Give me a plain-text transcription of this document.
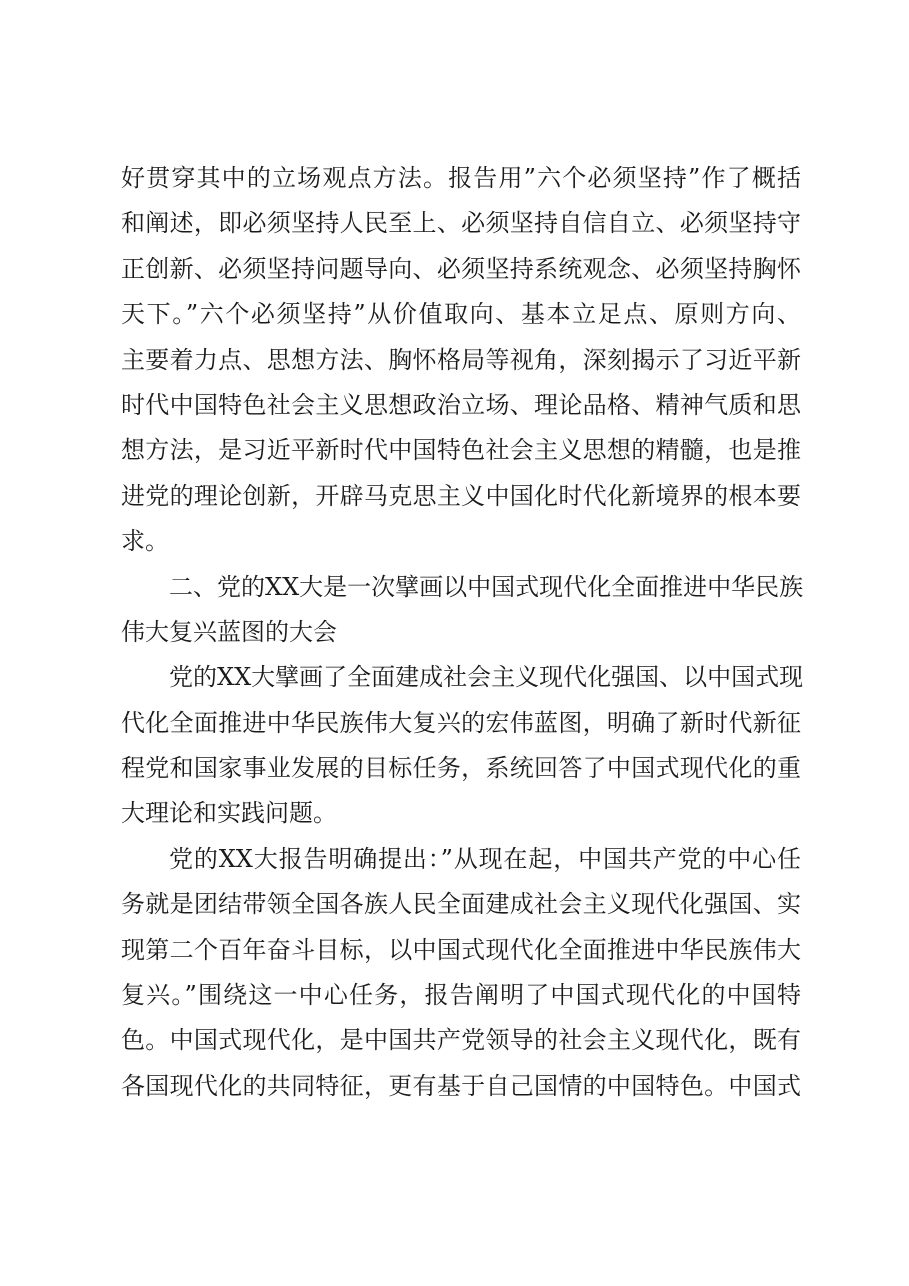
好贯穿其中的立场观点方法。报告用”六个必须坚持”作了概括
和阐述，即必须坚持人民至上、必须坚持自信自立、必须坚持守
正创新、必须坚持问题导向、必须坚持系统观念、必须坚持胸怀
天下。”六个必须坚持”从价值取向、基本立足点、原则方向、
主要着力点、思想方法、胸怀格局等视角，深刻揭示了习近平新
时代中国特色社会主义思想政治立场、理论品格、精神气质和思
想方法，是习近平新时代中国特色社会主义思想的精髓，也是推
进党的理论创新，开辟马克思主义中国化时代化新境界的根本要
求。
二、党的XX大是一次擘画以中国式现代化全面推进中华民族
伟大复兴蓝图的大会
党的XX大擘画了全面建成社会主义现代化强国、以中国式现
代化全面推进中华民族伟大复兴的宏伟蓝图，明确了新时代新征
程党和国家事业发展的目标任务，系统回答了中国式现代化的重
大理论和实践问题。
党的XX大报告明确提出：”从现在起，中国共产党的中心任
务就是团结带领全国各族人民全面建成社会主义现代化强国、实
现第二个百年奋斗目标，以中国式现代化全面推进中华民族伟大
复兴。”围绕这一中心任务，报告阐明了中国式现代化的中国特
色。中国式现代化，是中国共产党领导的社会主义现代化，既有
各国现代化的共同特征，更有基于自己国情的中国特色。中国式
